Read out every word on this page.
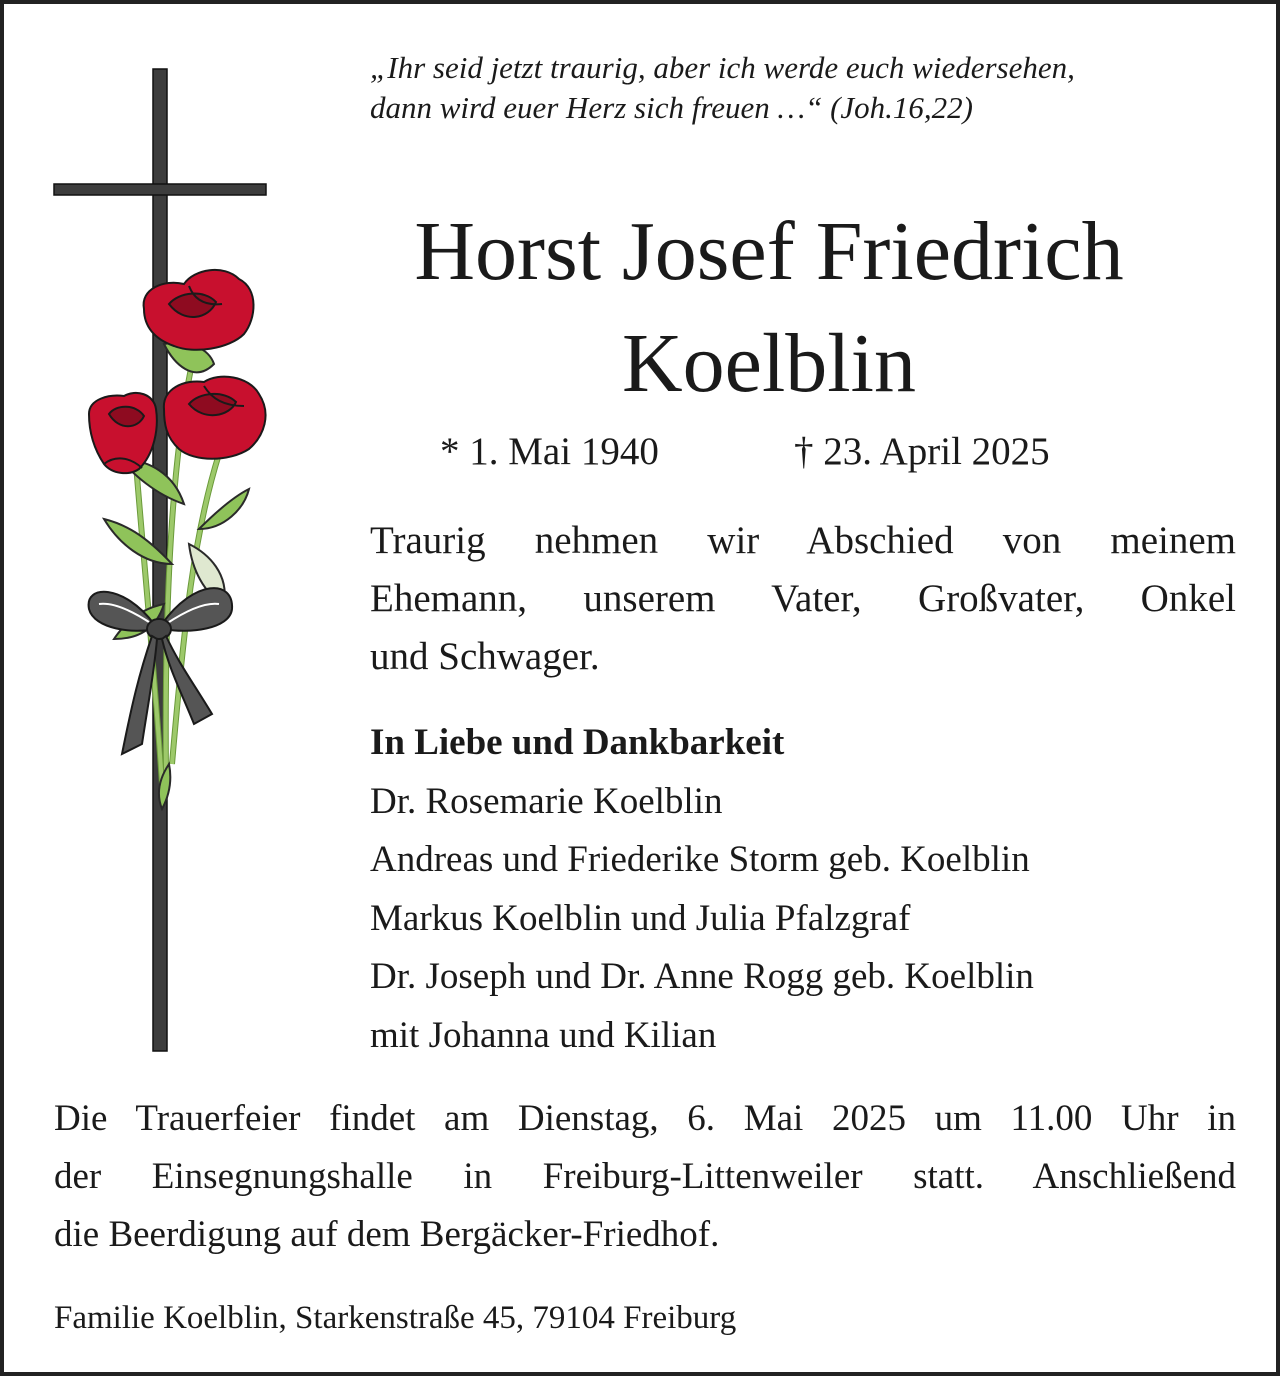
„Ihr seid jetzt traurig, aber ich werde euch wiedersehen,
dann wird euer Herz sich freuen …“ (Joh.16,22)
Horst Josef Friedrich
Koelblin
* 1. Mai 1940	† 23. April 2025
Traurig nehmen wir Abschied von meinem
Ehemann, unserem Vater, Großvater, Onkel
und Schwager.
In Liebe und Dankbarkeit
Dr. Rosemarie Koelblin
Andreas und Friederike Storm geb. Koelblin
Markus Koelblin und Julia Pfalzgraf
Dr. Joseph und Dr. Anne Rogg geb. Koelblin
mit Johanna und Kilian
Die Trauerfeier findet am Dienstag, 6. Mai 2025 um 11.00 Uhr in
der Einsegnungshalle in Freiburg-Littenweiler statt. Anschließend
die Beerdigung auf dem Bergäcker-Friedhof.
Familie Koelblin, Starkenstraße 45, 79104 Freiburg
